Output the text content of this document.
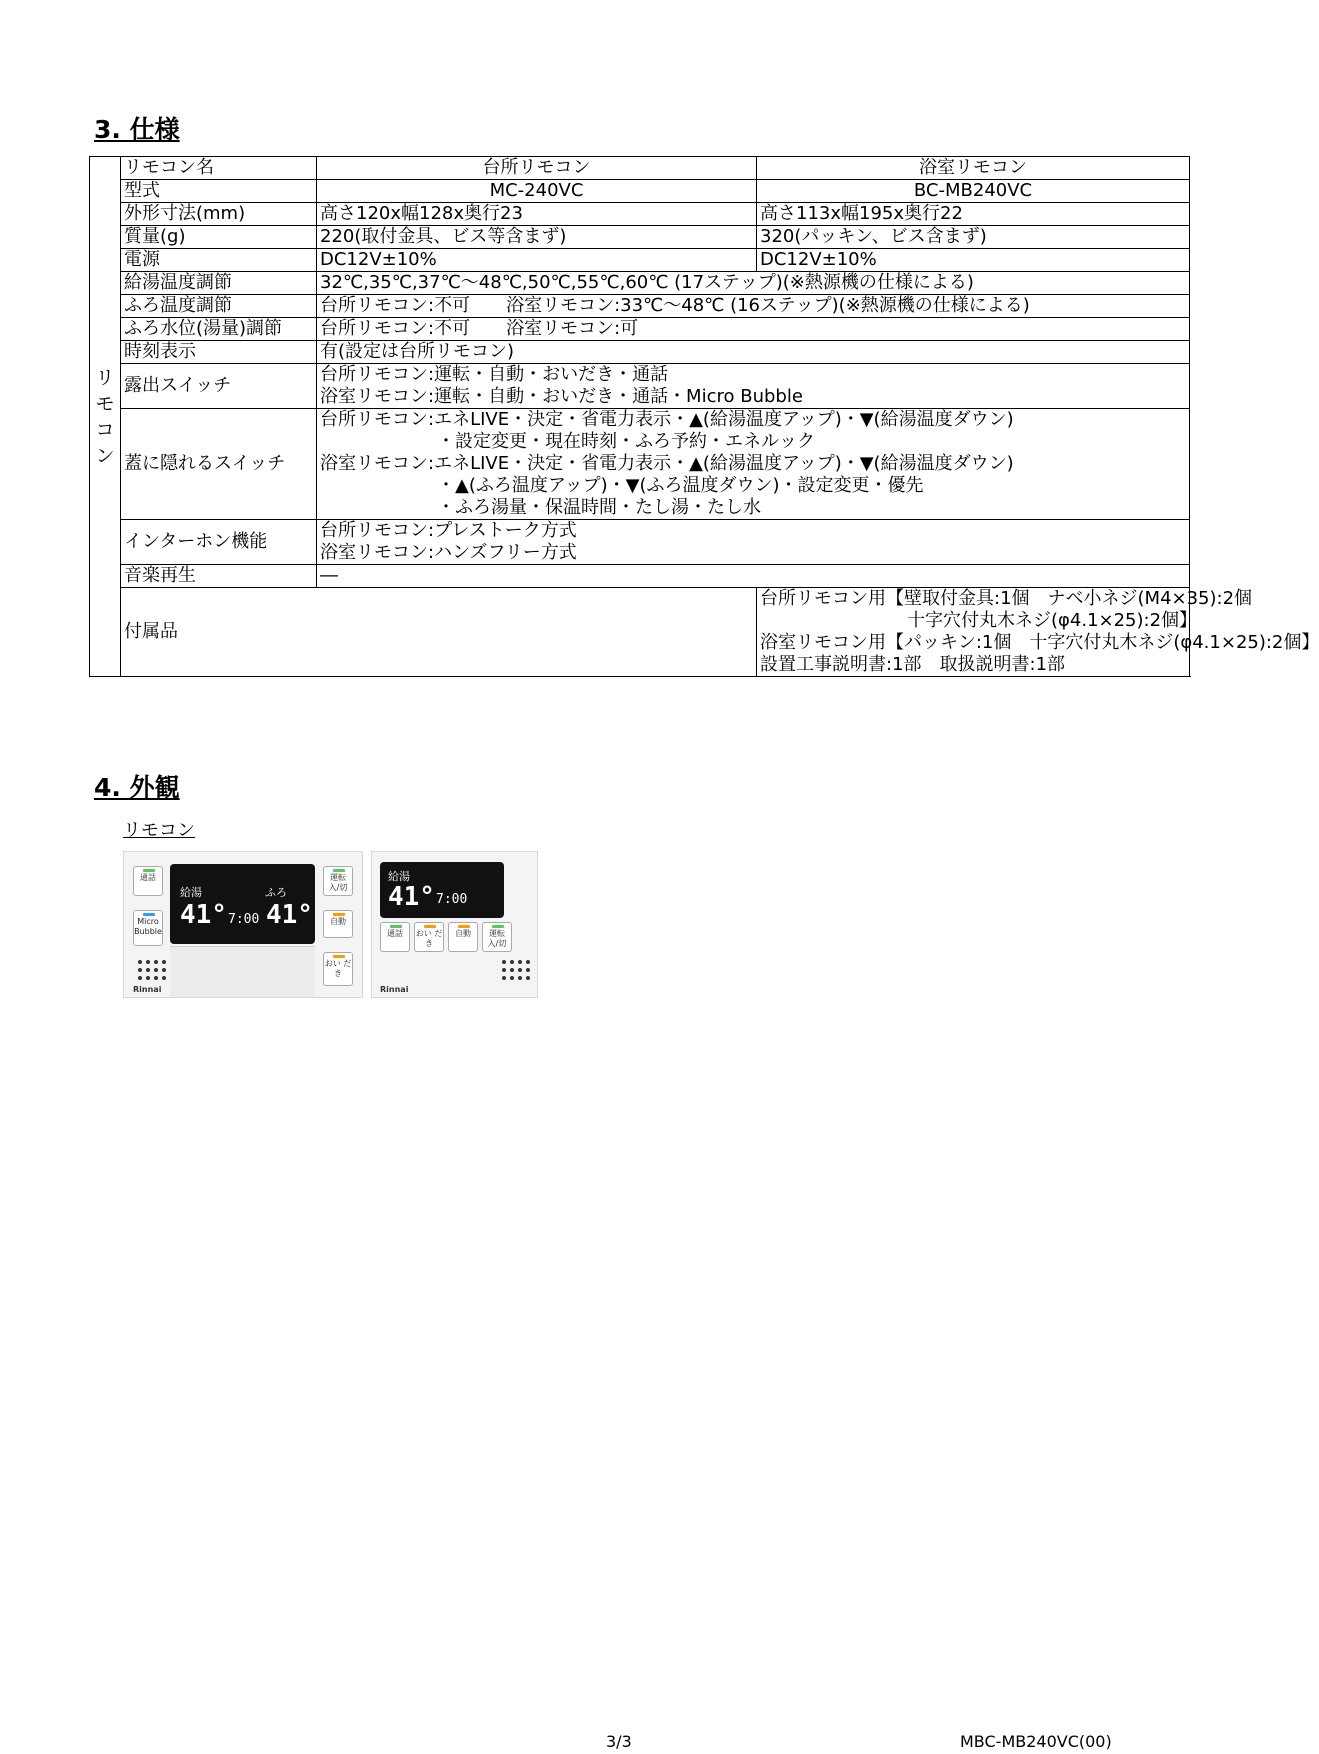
3. 仕様
リモコン	リモコン名	台所リモコン	浴室リモコン
	型式	MC-240VC	BC-MB240VC
	外形寸法(mm)	高さ120x幅128x奥行23	高さ113x幅195x奥行22
	質量(g)	220(取付金具、ビス等含まず)	320(パッキン、ビス含まず)
	電源	DC12V±10%	DC12V±10%
	給湯温度調節	32℃,35℃,37℃～48℃,50℃,55℃,60℃ (17ステップ)(※熱源機の仕様による)	
	ふろ温度調節	台所リモコン:不可　　浴室リモコン:33℃～48℃ (16ステップ)(※熱源機の仕様による)	
	ふろ水位(湯量)調節	台所リモコン:不可　　浴室リモコン:可	
	時刻表示	有(設定は台所リモコン)	
	露出スイッチ	台所リモコン:運転・自動・おいだき・通話
浴室リモコン:運転・自動・おいだき・通話・Micro Bubble	

	蓋に隠れるスイッチ	台所リモコン:エネLIVE・決定・省電力表示・▲(給湯温度アップ)・▼(給湯温度ダウン)
・設定変更・現在時刻・ふろ予約・エネルック
浴室リモコン:エネLIVE・決定・省電力表示・▲(給湯温度アップ)・▼(給湯温度ダウン)
・▲(ふろ温度アップ)・▼(ふろ温度ダウン)・設定変更・優先
・ふろ湯量・保温時間・たし湯・たし水	

	インターホン機能	台所リモコン:プレストーク方式
浴室リモコン:ハンズフリー方式	

	音楽再生	―	
	付属品		台所リモコン用【壁取付金具:1個　ナベ小ネジ(M4×35):2個
十字穴付丸木ネジ(φ4.1×25):2個】
浴室リモコン用【パッキン:1個　十字穴付丸木ネジ(φ4.1×25):2個】
設置工事説明書:1部　取扱説明書:1部
4. 外観

リモコン

給湯	ふろ
41° 7:00 41°
通話
Micro Bubble
運転 入/切
自動
おい だき
Rinnai
給湯
41° 7:00
通話	おい だき
自動	運転 入/切
Rinnai
3/3	MBC-MB240VC(00)
